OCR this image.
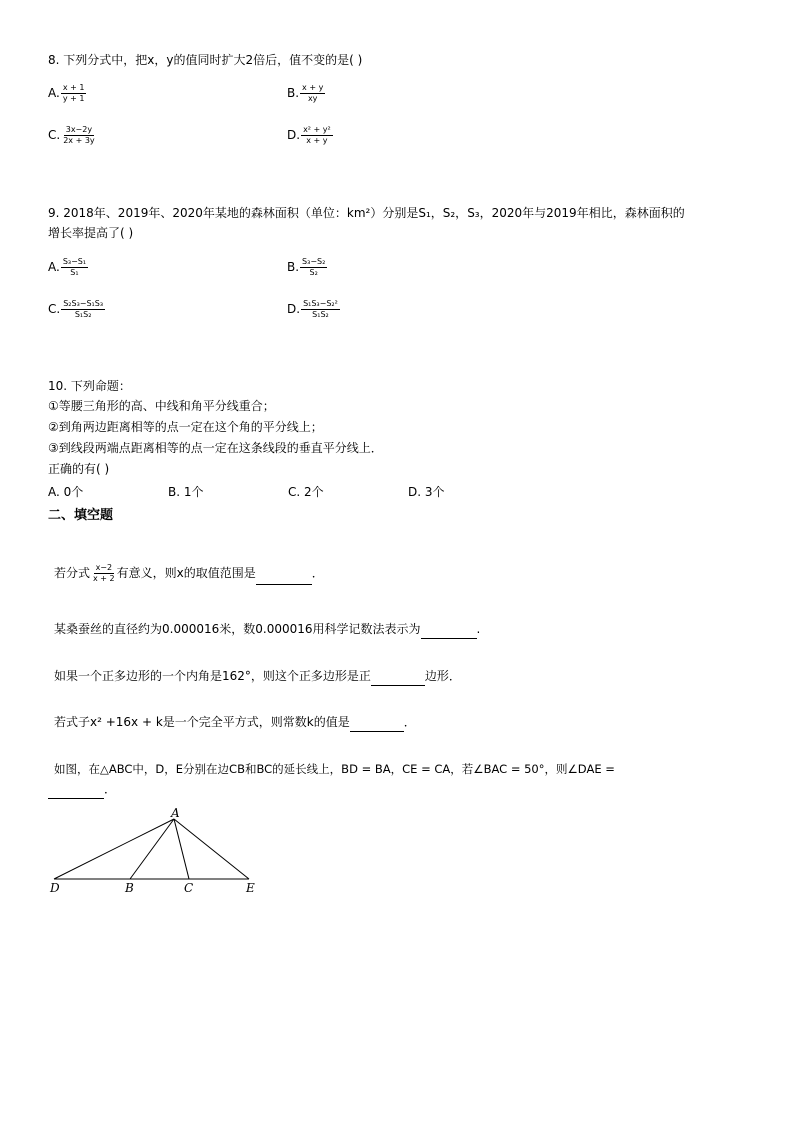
8. 下列分式中，把x，y的值同时扩大2倍后，值不变的是( )
A. $\frac{x + 1}{y + 1}$	B. $\frac{x + y}{xy}$
C. $\frac{3x-2y}{2x + 3y}$	D. $\frac{\text{x² + y²}}{x + y}$
9. 2018年、2019年、2020年某地的森林面积（单位：km²）分别是S₁，S₂，S₃，2020年与2019年相比，森林面积的
增长率提高了( )
A. $\frac{\text{S₃−S₁}}{\text{S₁}}$	B. $\frac{\text{S₃−S₂}}{\text{S₂}}$
C. $\frac{\text{S₂S₃−S₁S₃}}{\text{S₁S₂}}$	D. $\frac{\text{S₁S₃−S₂²}}{\text{S₁S₂}}$
10. 下列命题：
①等腰三角形的高、中线和角平分线重合；
②到角两边距离相等的点一定在这个角的平分线上；
③到线段两端点距离相等的点一定在这条线段的垂直平分线上．
正确的有( )
A. 0个	B. 1个	C. 2个	D. 3个
二、填空题
若分式 $\frac{x-2}{x + 2}$ 有意义，则x的取值范围是	．
某桑蚕丝的直径约为0.000016米，数0.000016用科学记数法表示为	.
如果一个正多边形的一个内角是162°，则这个正多边形是正	边形．
若式子x² +16x + k是一个完全平方式，则常数k的值是	．
如图，在△ABC中，D，E分别在边CB和BC的延长线上，BD = BA，CE = CA，若∠BAC = 50°，则∠DAE =
．
A
D	B	C	E
